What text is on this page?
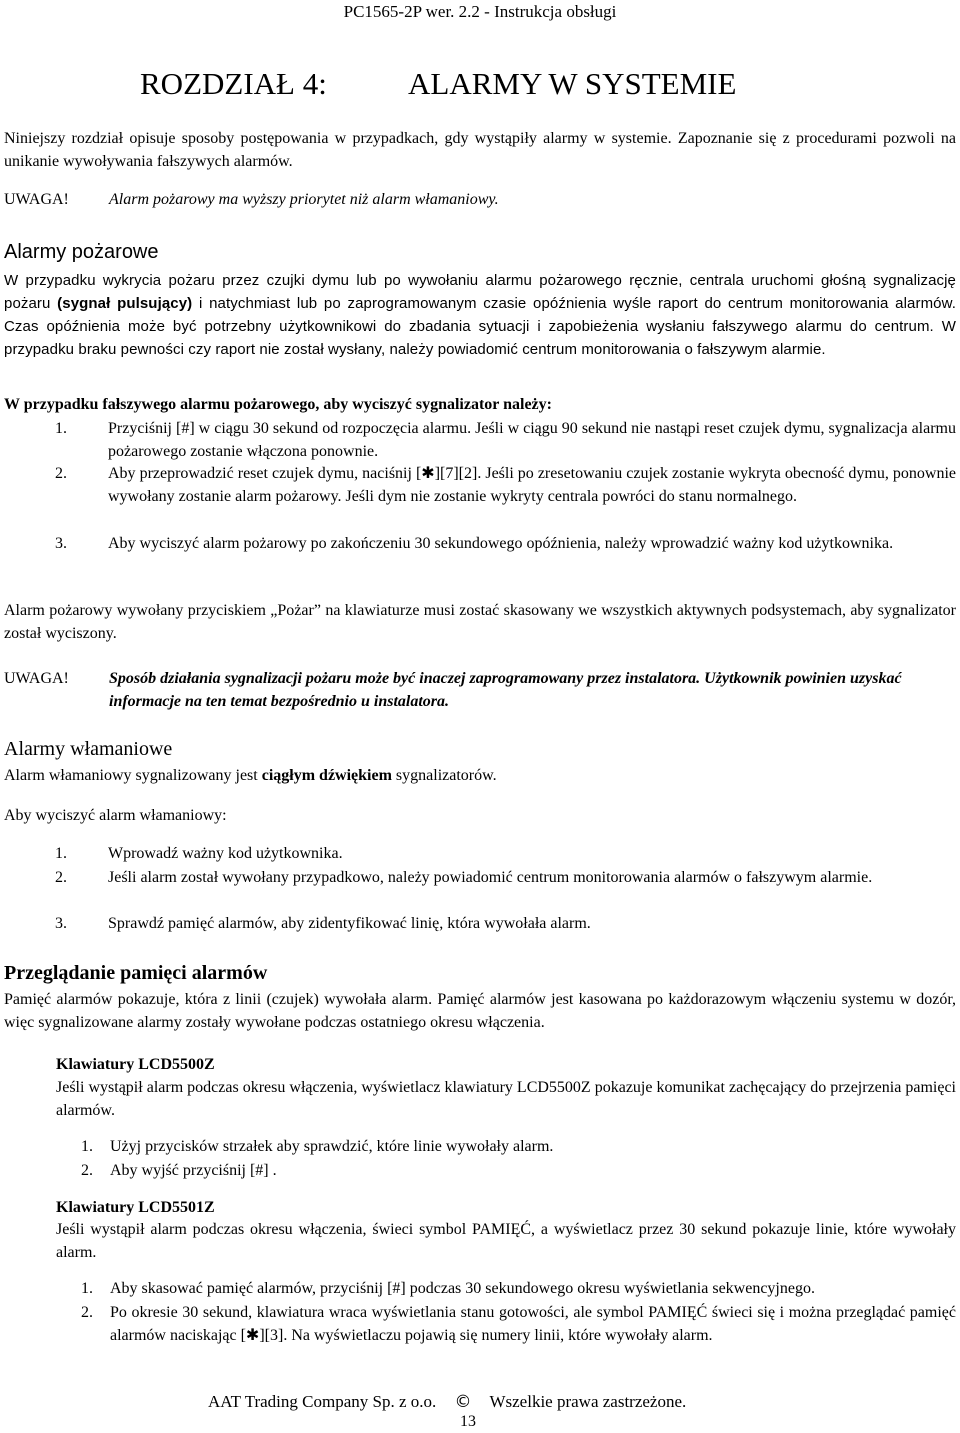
PC1565-2P wer. 2.2 - Instrukcja obsługi
ROZDZIAŁ 4:	ALARMY W SYSTEMIE
Niniejszy rozdział opisuje sposoby postępowania w przypadkach, gdy wystąpiły alarmy w systemie. Zapoznanie się z procedurami pozwoli na unikanie wywoływania fałszywych alarmów.
UWAGA!	Alarm pożarowy ma wyższy priorytet niż alarm włamaniowy.
Alarmy pożarowe
W przypadku wykrycia pożaru przez czujki dymu lub po wywołaniu alarmu pożarowego ręcznie, centrala uruchomi głośną sygnalizację pożaru (sygnał pulsujący) i natychmiast lub po zaprogramowanym czasie opóźnienia wyśle raport do centrum monitorowania alarmów. Czas opóźnienia może być potrzebny użytkownikowi do zbadania sytuacji i zapobieżenia wysłaniu fałszywego alarmu do centrum. W przypadku braku pewności czy raport nie został wysłany, należy powiadomić centrum monitorowania o fałszywym alarmie.
W przypadku fałszywego alarmu pożarowego, aby wyciszyć sygnalizator należy:
1.	Przyciśnij [#] w ciągu 30 sekund od rozpoczęcia alarmu. Jeśli w ciągu 90 sekund nie nastąpi reset czujek dymu, sygnalizacja alarmu pożarowego zostanie włączona ponownie.
2.	Aby przeprowadzić reset czujek dymu, naciśnij [✱][7][2]. Jeśli po zresetowaniu czujek zostanie wykryta obecność dymu, ponownie wywołany zostanie alarm pożarowy. Jeśli dym nie zostanie wykryty centrala powróci do stanu normalnego.
3.	Aby wyciszyć alarm pożarowy po zakończeniu 30 sekundowego opóźnienia, należy wprowadzić ważny kod użytkownika.
Alarm pożarowy wywołany przyciskiem „Pożar” na klawiaturze musi zostać skasowany we wszystkich aktywnych podsystemach, aby sygnalizator został wyciszony.
UWAGA!	Sposób działania sygnalizacji pożaru może być inaczej zaprogramowany przez instalatora. Użytkownik powinien uzyskać informacje na ten temat bezpośrednio u instalatora.
Alarmy włamaniowe
Alarm włamaniowy sygnalizowany jest ciągłym dźwiękiem sygnalizatorów.
Aby wyciszyć alarm włamaniowy:
1.	Wprowadź ważny kod użytkownika.
2.	Jeśli alarm został wywołany przypadkowo, należy powiadomić centrum monitorowania alarmów o fałszywym alarmie.
3.	Sprawdź pamięć alarmów, aby zidentyfikować linię, która wywołała alarm.
Przeglądanie pamięci alarmów
Pamięć alarmów pokazuje, która z linii (czujek) wywołała alarm. Pamięć alarmów jest kasowana po każdorazowym włączeniu systemu w dozór, więc sygnalizowane alarmy zostały wywołane podczas ostatniego okresu włączenia.
Klawiatury LCD5500Z
Jeśli wystąpił alarm podczas okresu włączenia, wyświetlacz klawiatury LCD5500Z pokazuje komunikat zachęcający do przejrzenia pamięci alarmów.
1. Użyj przycisków strzałek aby sprawdzić, które linie wywołały alarm.
2. Aby wyjść przyciśnij [#] .
Klawiatury LCD5501Z
Jeśli wystąpił alarm podczas okresu włączenia, świeci symbol PAMIĘĆ, a wyświetlacz przez 30 sekund pokazuje linie, które wywołały alarm.
1. Aby skasować pamięć alarmów, przyciśnij [#] podczas 30 sekundowego okresu wyświetlania sekwencyjnego.
2. Po okresie 30 sekund, klawiatura wraca wyświetlania stanu gotowości, ale symbol PAMIĘĆ świeci się i można przeglądać pamięć alarmów naciskając [✱][3]. Na wyświetlaczu pojawią się numery linii, które wywołały alarm.
AAT Trading Company Sp. z o.o. © Wszelkie prawa zastrzeżone.
13
